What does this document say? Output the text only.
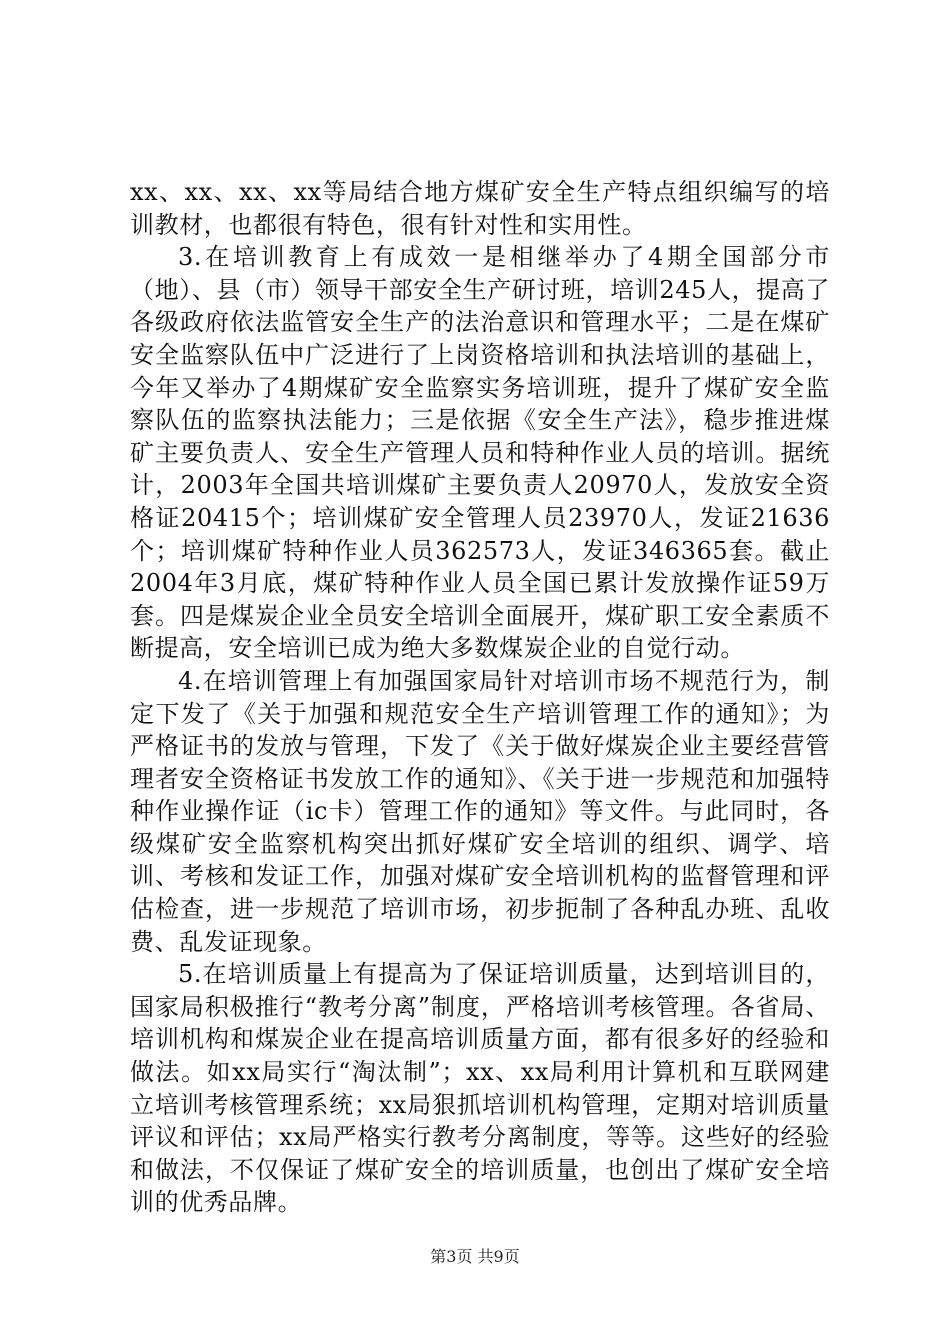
xx、xx、xx、xx等局结合地方煤矿安全生产特点组织编写的培训教材，也都很有特色，很有针对性和实用性。

3.在培训教育上有成效一是相继举办了4期全国部分市（地）、县（市）领导干部安全生产研讨班，培训245人，提高了各级政府依法监管安全生产的法治意识和管理水平；二是在煤矿安全监察队伍中广泛进行了上岗资格培训和执法培训的基础上，今年又举办了4期煤矿安全监察实务培训班，提升了煤矿安全监察队伍的监察执法能力；三是依据《安全生产法》，稳步推进煤矿主要负责人、安全生产管理人员和特种作业人员的培训。据统计，2003年全国共培训煤矿主要负责人20970人，发放安全资格证20415个；培训煤矿安全管理人员23970人，发证21636个；培训煤矿特种作业人员362573人，发证346365套。截止2004年3月底，煤矿特种作业人员全国已累计发放操作证59万套。四是煤炭企业全员安全培训全面展开，煤矿职工安全素质不断提高，安全培训已成为绝大多数煤炭企业的自觉行动。

4.在培训管理上有加强国家局针对培训市场不规范行为，制定下发了《关于加强和规范安全生产培训管理工作的通知》；为严格证书的发放与管理，下发了《关于做好煤炭企业主要经营管理者安全资格证书发放工作的通知》、《关于进一步规范和加强特种作业操作证（ic卡）管理工作的通知》等文件。与此同时，各级煤矿安全监察机构突出抓好煤矿安全培训的组织、调学、培训、考核和发证工作，加强对煤矿安全培训机构的监督管理和评估检查，进一步规范了培训市场，初步扼制了各种乱办班、乱收费、乱发证现象。

5.在培训质量上有提高为了保证培训质量，达到培训目的，国家局积极推行“教考分离”制度，严格培训考核管理。各省局、培训机构和煤炭企业在提高培训质量方面，都有很多好的经验和做法。如xx局实行“淘汰制”；xx、xx局利用计算机和互联网建立培训考核管理系统；xx局狠抓培训机构管理，定期对培训质量评议和评估；xx局严格实行教考分离制度，等等。这些好的经验和做法，不仅保证了煤矿安全的培训质量，也创出了煤矿安全培训的优秀品牌。

第3页 共9页
